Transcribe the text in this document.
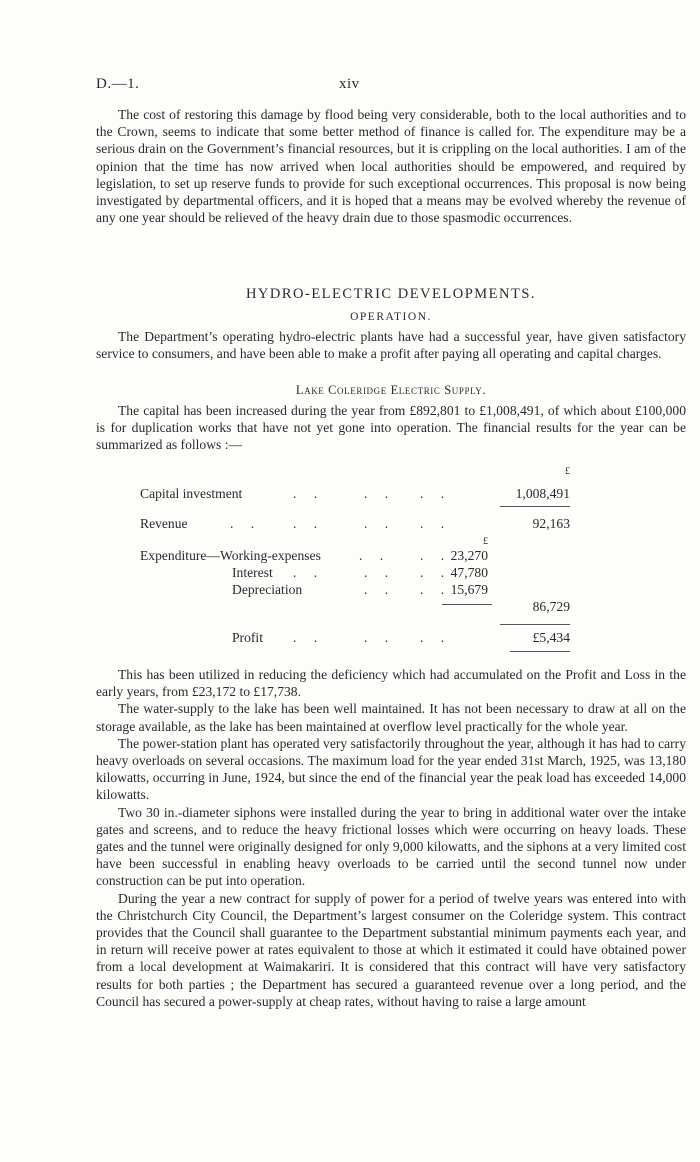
D.—1.	xiv

The cost of restoring this damage by flood being very considerable, both to the local authorities and to the Crown, seems to indicate that some better method of finance is called for. The expenditure may be a serious drain on the Government’s financial resources, but it is crippling on the local authorities. I am of the opinion that the time has now arrived when local authorities should be empowered, and required by legislation, to set up reserve funds to provide for such exceptional occurrences. This proposal is now being investigated by departmental officers, and it is hoped that a means may be evolved whereby the revenue of any one year should be relieved of the heavy drain due to those spasmodic occurrences.

HYDRO-ELECTRIC DEVELOPMENTS.
OPERATION.

The Department’s operating hydro-electric plants have had a successful year, have given satisfactory service to consumers, and have been able to make a profit after paying all operating and capital charges.

Lake Coleridge Electric Supply.

The capital has been increased during the year from £892,801 to £1,008,491, of which about £100,000 is for duplication works that have not yet gone into operation. The financial results for the year can be summarized as follows :—

£
Capital investment	. .	. . . .	1,008,491
Revenue	. . . .	. . . .	92,163
£
Expenditure—Working-expenses	. . . . 23,270
Interest . .	. . . . 47,780
Depreciation	. . . . 15,679
86,729
Profit . .	. . . .	£5,434

This has been utilized in reducing the deficiency which had accumulated on the Profit and Loss in the early years, from £23,172 to £17,738.

The water-supply to the lake has been well maintained. It has not been necessary to draw at all on the storage available, as the lake has been maintained at overflow level practically for the whole year.

The power-station plant has operated very satisfactorily throughout the year, although it has had to carry heavy overloads on several occasions. The maximum load for the year ended 31st March, 1925, was 13,180 kilowatts, occurring in June, 1924, but since the end of the financial year the peak load has exceeded 14,000 kilowatts.

Two 30 in.-diameter siphons were installed during the year to bring in additional water over the intake gates and screens, and to reduce the heavy frictional losses which were occurring on heavy loads. These gates and the tunnel were originally designed for only 9,000 kilowatts, and the siphons at a very limited cost have been successful in enabling heavy overloads to be carried until the second tunnel now under construction can be put into operation.

During the year a new contract for supply of power for a period of twelve years was entered into with the Christchurch City Council, the Department’s largest consumer on the Coleridge system. This contract provides that the Council shall guarantee to the Department substantial minimum payments each year, and in return will receive power at rates equivalent to those at which it estimated it could have obtained power from a local development at Waimakariri. It is considered that this contract will have very satisfactory results for both parties ; the Department has secured a guaranteed revenue over a long period, and the Council has secured a power-supply at cheap rates, without having to raise a large amount
